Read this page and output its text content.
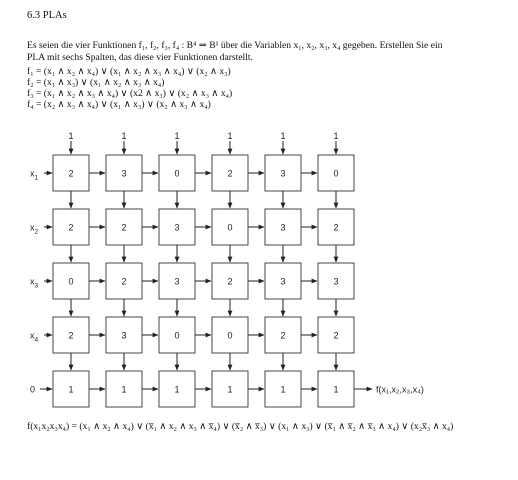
6.3 PLAs
Es seien die vier Funktionen f₁, f₂, f₃, f₄ : B⁴ ⇒ B¹ über die Variablen x₁, x₂, x₃, x₄ gegeben. Erstellen Sie ein
PLA mit sechs Spalten, das diese vier Funktionen darstellt.
f₁ = (x₁ ∧ x₂ ∧ x₄) ∨ (x₁ ∧ x₂ ∧ x₃ ∧ x₄) ∨ (x₂ ∧ x₃)
f₂ = (x₁ ∧ x₃) ∨ (x₁ ∧ x₂ ∧ x₃ ∧ x₄)
f₃ = (x₁ ∧ x₂ ∧ x₃ ∧ x₄) ∨ (x2 ∧ x₃) ∨ (x₂ ∧ x₃ ∧ x₄)
f₄ = (x₂ ∧ x₃ ∧ x₄) ∨ (x₁ ∧ x₃) ∨ (x₂ ∧ x₃ ∧ x₄)
1	1	1	1	1	1
$x_1$
$x_2$
$x_3$
$x_4$
0
2	3	0	2	3	0
2	2	3	0	3	2
0	2	3	2	3	3
2	3	0	0	2	2
1	1	1	1	1	1	f(x₁,x₂,x₃,x₄)
f(x₁x₂x₃x₄) = (x₁ ∧ x₂ ∧ x₄) ∨ (x̅₁ ∧ x₂ ∧ x₃ ∧ x̅₄) ∨ (x̅₂ ∧ x̅₃) ∨ (x₁ ∧ x₃) ∨ (x̅₁ ∧ x̅₂ ∧ x̅₃ ∧ x₄) ∨ (x₂x̅₃ ∧ x₄)
